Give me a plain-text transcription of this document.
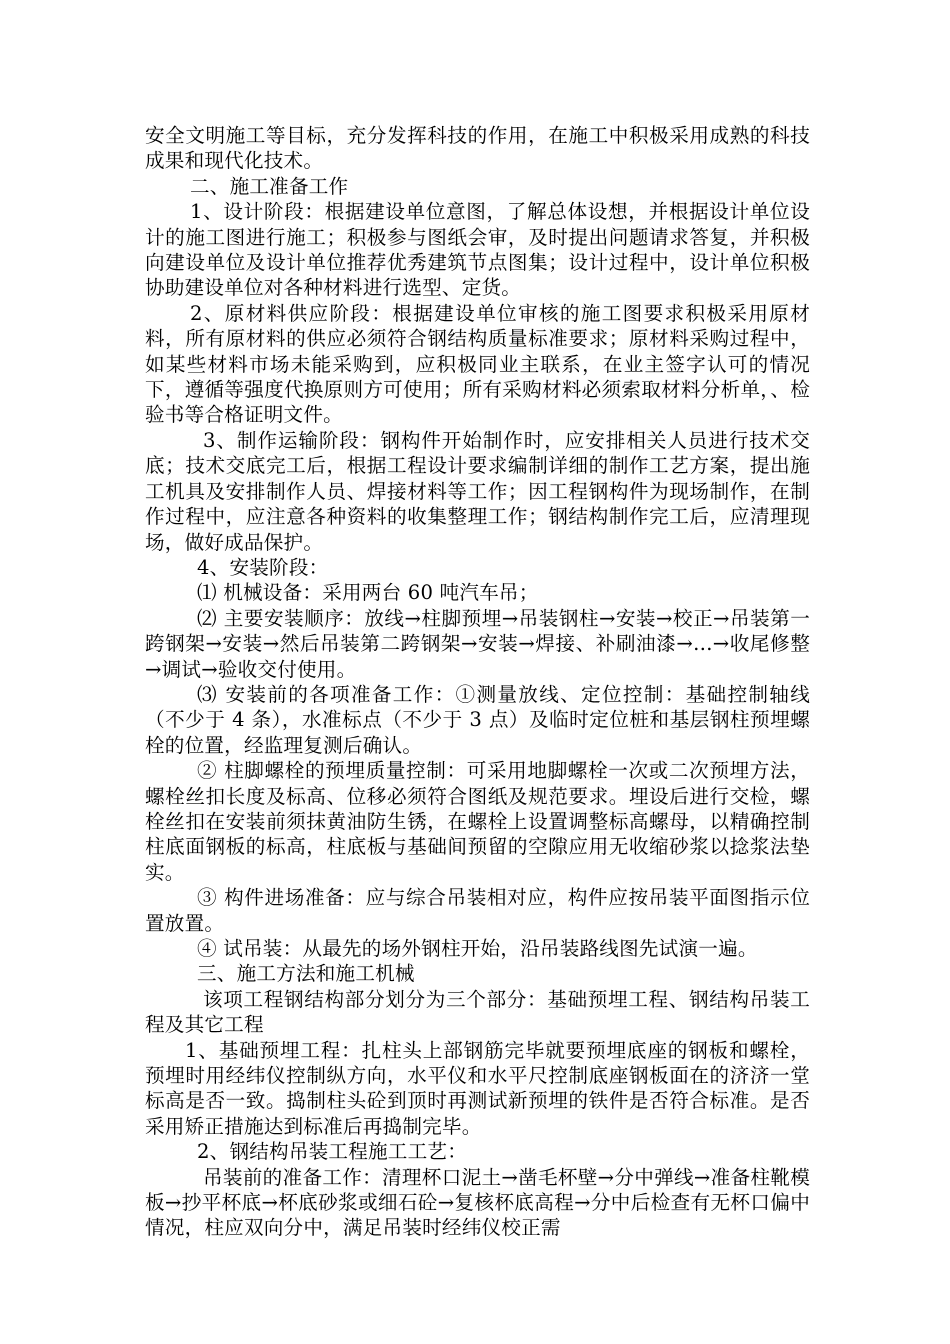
安全文明施工等目标，充分发挥科技的作用，在施工中积极采用成熟的科技成果和现代化技术。

二、施工准备工作

1、设计阶段：根据建设单位意图，了解总体设想，并根据设计单位设计的施工图进行施工；积极参与图纸会审，及时提出问题请求答复，并积极向建设单位及设计单位推荐优秀建筑节点图集；设计过程中，设计单位积极协助建设单位对各种材料进行选型、定货。

2、原材料供应阶段：根据建设单位审核的施工图要求积极采用原材料，所有原材料的供应必须符合钢结构质量标准要求；原材料采购过程中，如某些材料市场未能采购到，应积极同业主联系，在业主签字认可的情况下，遵循等强度代换原则方可使用；所有采购材料必须索取材料分析单，、检验书等合格证明文件。

3、制作运输阶段：钢构件开始制作时，应安排相关人员进行技术交底；技术交底完工后，根据工程设计要求编制详细的制作工艺方案，提出施工机具及安排制作人员、焊接材料等工作；因工程钢构件为现场制作，在制作过程中，应注意各种资料的收集整理工作；钢结构制作完工后，应清理现场，做好成品保护。

4、安装阶段：

⑴ 机械设备：采用两台 60 吨汽车吊；

⑵ 主要安装顺序：放线→柱脚预埋→吊装钢柱→安装→校正→吊装第一跨钢架→安装→然后吊装第二跨钢架→安装→焊接、补刷油漆→…→收尾修整→调试→验收交付使用。

⑶ 安装前的各项准备工作：①测量放线、定位控制：基础控制轴线（不少于 4 条），水准标点（不少于 3 点）及临时定位桩和基层钢柱预埋螺栓的位置，经监理复测后确认。

② 柱脚螺栓的预埋质量控制：可采用地脚螺栓一次或二次预埋方法，螺栓丝扣长度及标高、位移必须符合图纸及规范要求。埋设后进行交检，螺栓丝扣在安装前须抹黄油防生锈，在螺栓上设置调整标高螺母，以精确控制柱底面钢板的标高，柱底板与基础间预留的空隙应用无收缩砂浆以捻浆法垫实。

③ 构件进场准备：应与综合吊装相对应，构件应按吊装平面图指示位置放置。

④ 试吊装：从最先的场外钢柱开始，沿吊装路线图先试演一遍。

三、施工方法和施工机械

该项工程钢结构部分划分为三个部分：基础预埋工程、钢结构吊装工程及其它工程

1、基础预埋工程：扎柱头上部钢筋完毕就要预埋底座的钢板和螺栓，预埋时用经纬仪控制纵方向，水平仪和水平尺控制底座钢板面在的济济一堂标高是否一致。捣制柱头砼到顶时再测试新预埋的铁件是否符合标准。是否采用矫正措施达到标准后再捣制完毕。

2、钢结构吊装工程施工工艺：

吊装前的准备工作：清理杯口泥土→凿毛杯壁→分中弹线→准备柱靴模板→抄平杯底→杯底砂浆或细石砼→复核杯底高程→分中后检查有无杯口偏中情况，柱应双向分中，满足吊装时经纬仪校正需
